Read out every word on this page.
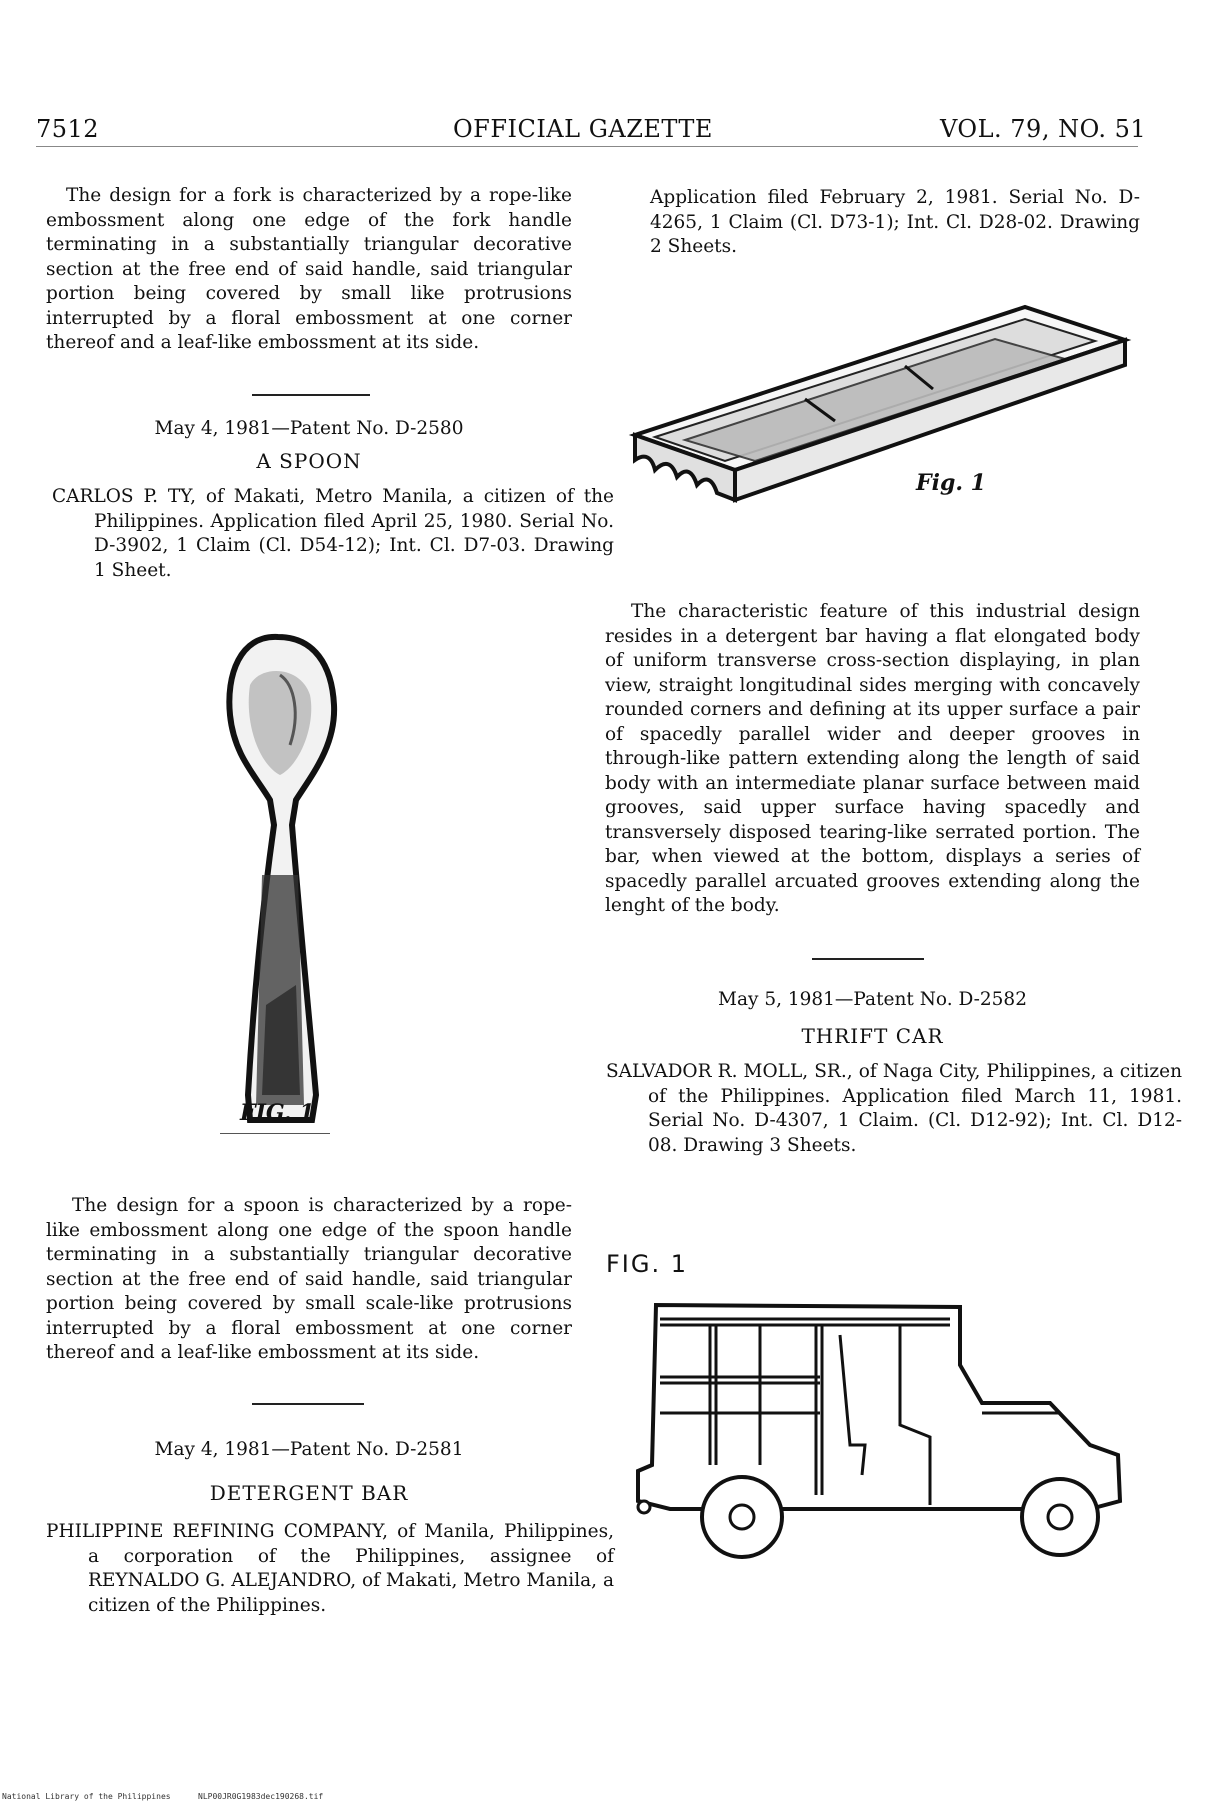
7512	OFFICIAL GAZETTE	VOL. 79, NO. 51
The design for a fork is characterized by a rope-like embossment along one edge of the fork handle terminating in a substantially triangular decorative section at the free end of said handle, said triangular portion being covered by small like protrusions interrupted by a floral embossment at one corner thereof and a leaf-like embossment at its side.
May 4, 1981—Patent No. D-2580
A SPOON
CARLOS P. TY, of Makati, Metro Manila, a citizen of the Philippines. Application filed April 25, 1980. Serial No. D-3902, 1 Claim (Cl. D54-12); Int. Cl. D7-03. Drawing 1 Sheet.
FIG. 1
The design for a spoon is characterized by a rope-like embossment along one edge of the spoon handle terminating in a substantially triangular decorative section at the free end of said handle, said triangular portion being covered by small scale-like protrusions interrupted by a floral embossment at one corner thereof and a leaf-like embossment at its side.
May 4, 1981—Patent No. D-2581
DETERGENT BAR
PHILIPPINE REFINING COMPANY, of Manila, Philippines, a corporation of the Philippines, assignee of REYNALDO G. ALEJANDRO, of Makati, Metro Manila, a citizen of the Philippines.
Application filed February 2, 1981. Serial No. D-4265, 1 Claim (Cl. D73-1); Int. Cl. D28-02. Drawing 2 Sheets.
Fig. 1
The characteristic feature of this industrial design resides in a detergent bar having a flat elongated body of uniform transverse cross-section displaying, in plan view, straight longitudinal sides merging with concavely rounded corners and defining at its upper surface a pair of spacedly parallel wider and deeper grooves in through-like pattern extending along the length of said body with an intermediate planar surface between maid grooves, said upper surface having spacedly and transversely disposed tearing-like serrated portion. The bar, when viewed at the bottom, displays a series of spacedly parallel arcuated grooves extending along the lenght of the body.
May 5, 1981—Patent No. D-2582
THRIFT CAR
SALVADOR R. MOLL, SR., of Naga City, Philippines, a citizen of the Philippines. Application filed March 11, 1981. Serial No. D-4307, 1 Claim. (Cl. D12-92); Int. Cl. D12-08. Drawing 3 Sheets.
FIG. 1
National Library of the Philippines	NLP00JR0G1983dec190268.tif
